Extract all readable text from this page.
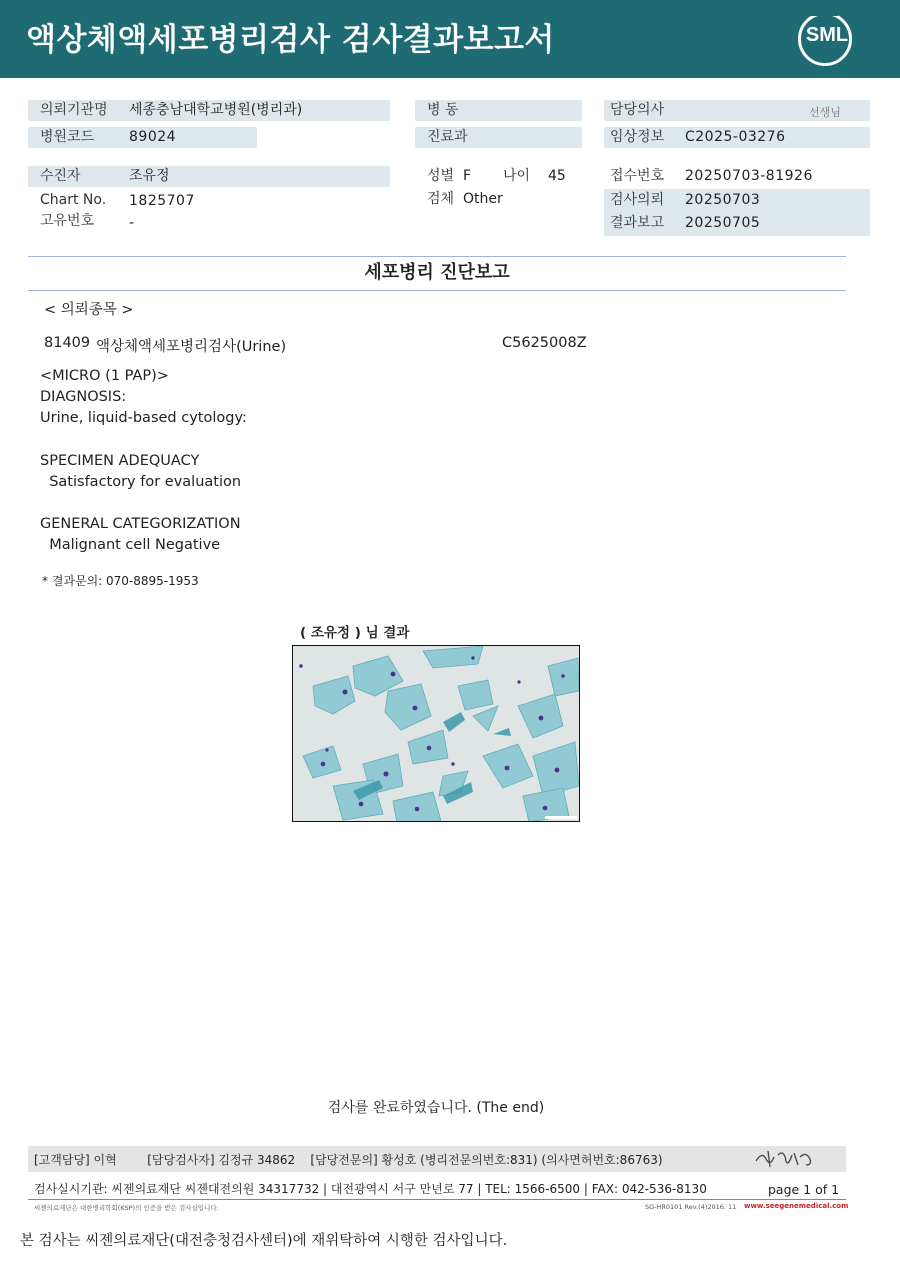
액상체액세포병리검사 검사결과보고서	SML
의뢰기관명 세종충남대학교병원(병리과)
병원코드 89024
수진자	조유정
Chart No. 1825707
고유번호 -
병 동
진료과
성별 F 나이 45
검체 Other
담당의사	선생님
임상정보 C2025-03276
접수번호 20250703-81926
검사의뢰 20250703
결과보고 20250705
세포병리 진단보고
< 의뢰종목 >
81409 액상체액세포병리검사(Urine)	C5625008Z
<MICRO (1 PAP)>
DIAGNOSIS:
Urine, liquid-based cytology:
SPECIMEN ADEQUACY
Satisfactory for evaluation
GENERAL CATEGORIZATION
Malignant cell Negative
* 결과문의: 070-8895-1953
( 조유정 ) 님 결과
검사를 완료하였습니다. (The end)
[고객담당] 이혁        [담당검사자] 김정규 34862    [담당전문의] 황성호 (병리전문의번호:831) (의사면허번호:86763)
검사실시기관: 씨젠의료재단 씨젠대전의원 34317732 | 대전광역시 서구 만년로 77 | TEL: 1566-6500 | FAX: 042-536-8130	page 1 of 1
씨젠의료재단은 대한병리학회(KSP)의 인증을 받은 검사실입니다.	SG-HR0101 Rev.(4)2016. 11 www.seegenemedical.com
본 검사는 씨젠의료재단(대전충청검사센터)에 재위탁하여 시행한 검사입니다.
